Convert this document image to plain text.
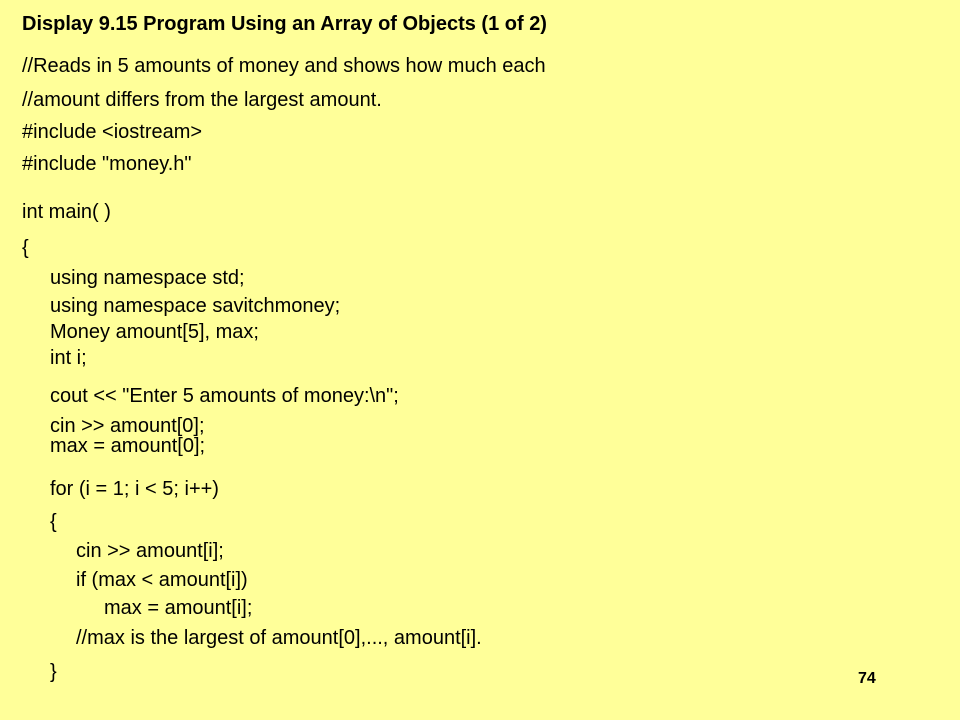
Display 9.15 Program Using an Array of Objects (1 of 2)
//Reads in 5 amounts of money and shows how much each
//amount differs from the largest amount.
#include <iostream>
#include "money.h"
int main( )
{
using namespace std;
using namespace savitchmoney;
Money amount[5], max;
int i;
cout << "Enter 5 amounts of money:\n";
cin >> amount[0];
max = amount[0];
for (i = 1; i < 5; i++)
{
cin >> amount[i];
if (max < amount[i])
max = amount[i];
//max is the largest of amount[0],..., amount[i].
}	74
